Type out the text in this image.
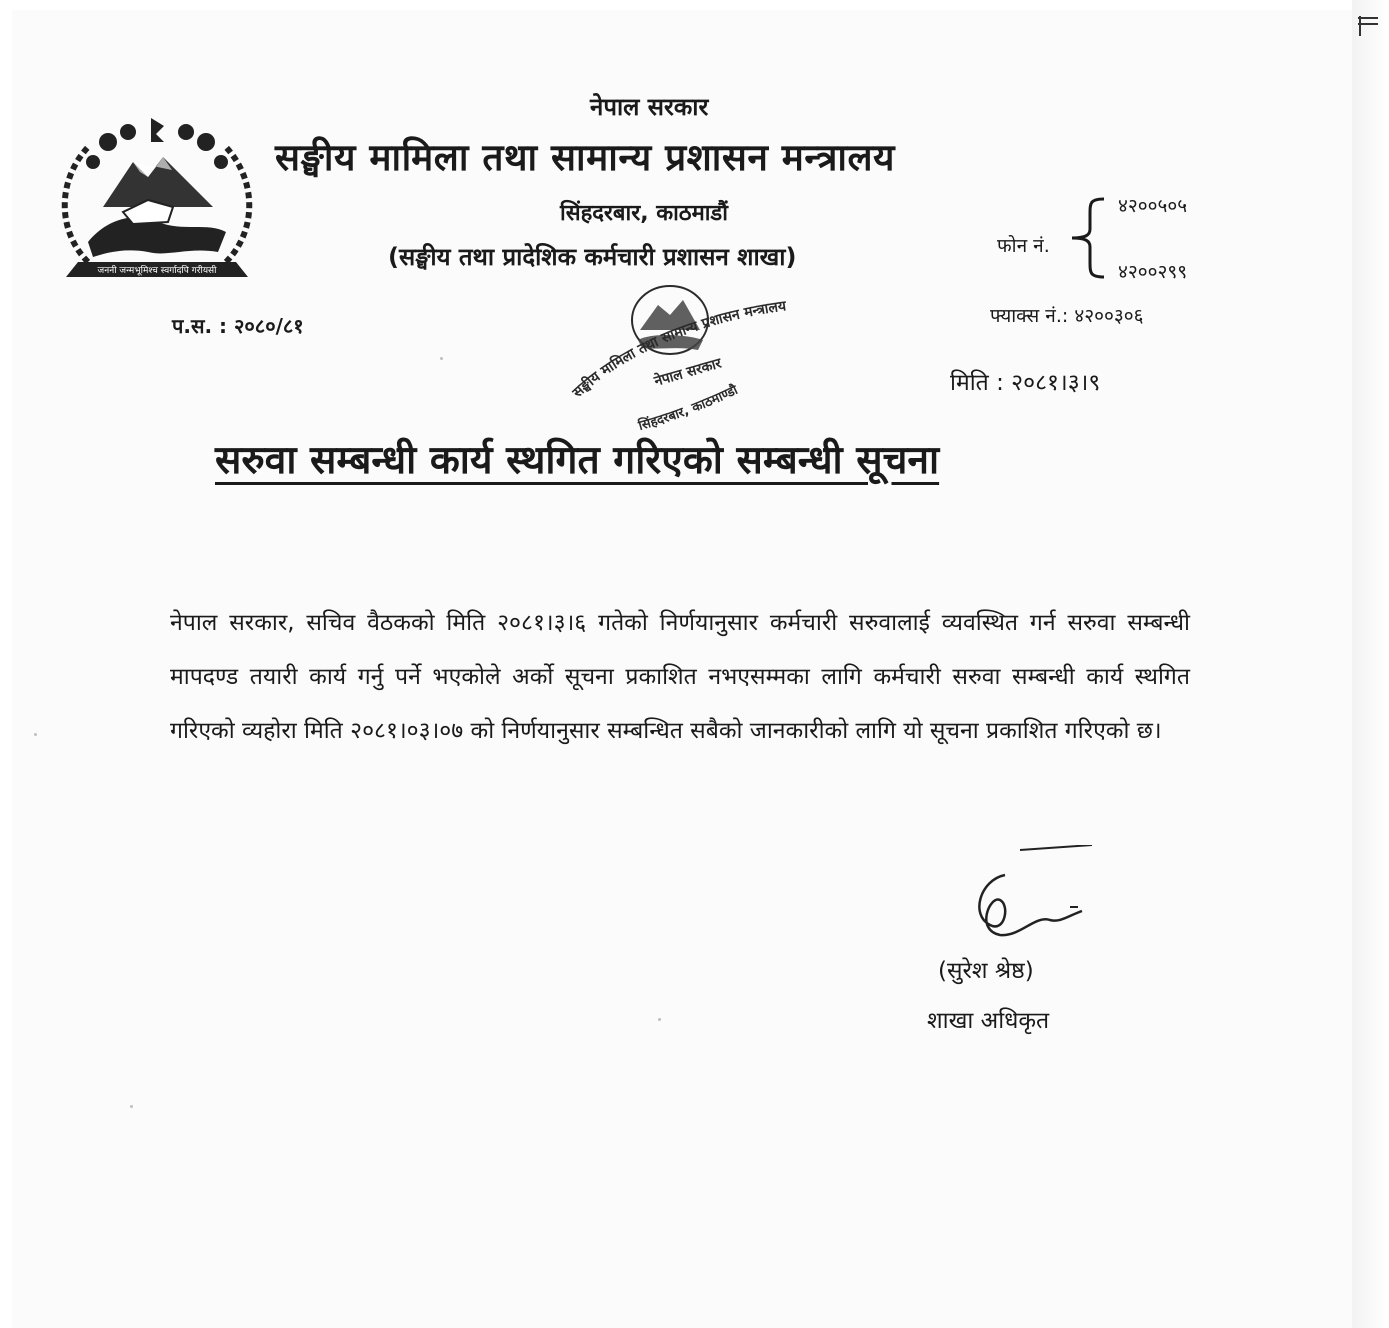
जननी जन्मभूमिश्च स्वर्गादपि गरीयसी
नेपाल सरकार
सङ्घीय मामिला तथा सामान्य प्रशासन मन्त्रालय
सिंहदरबार, काठमाडौं
(सङ्घीय तथा प्रादेशिक कर्मचारी प्रशासन शाखा)	फोन नं.
४२००५०५
४२००२९९
फ्याक्स नं.: ४२००३०६
प.स. : २०८०/८१
मिति : २०८१।३।९
नेपाल सरकार
सङ्घीय मामिला तथा सामान्य प्रशासन मन्त्रालय
सिंहदरबार, काठमाण्डौ
सरुवा सम्बन्धी कार्य स्थगित गरिएको सम्बन्धी सूचना
नेपाल सरकार, सचिव वैठकको मिति २०८१।३।६ गतेको निर्णयानुसार कर्मचारी सरुवालाई व्यवस्थित गर्न सरुवा सम्बन्धी मापदण्ड तयारी कार्य गर्नु पर्ने भएकोले अर्को सूचना प्रकाशित नभएसम्मका लागि कर्मचारी सरुवा सम्बन्धी कार्य स्थगित गरिएको व्यहोरा मिति २०८१।०३।०७ को निर्णयानुसार सम्बन्धित सबैको जानकारीको लागि यो सूचना प्रकाशित गरिएको छ।
(सुरेश श्रेष्ठ)
शाखा अधिकृत
